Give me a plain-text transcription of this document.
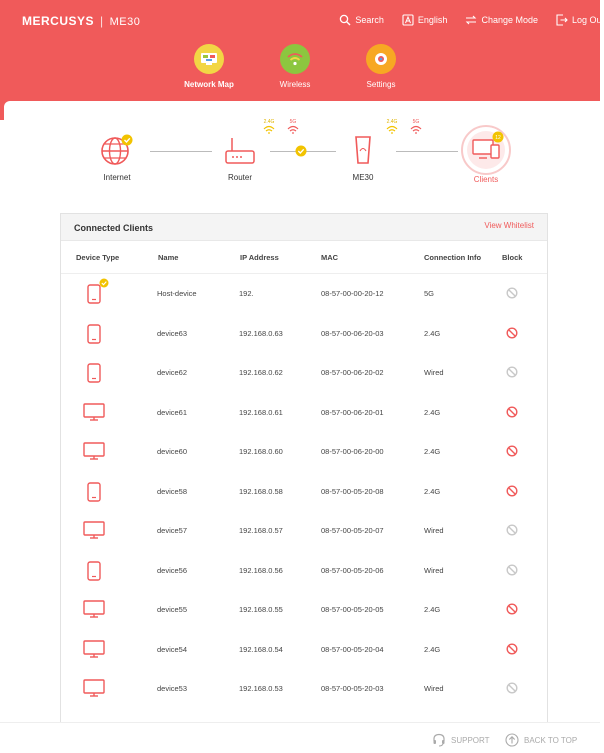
MERCUSYS | ME30	Search	English	Change Mode	Log Out
Network Map	Wireless	Settings
Internet	Router
2.4G	5G
ME30
2.4G	5G
12
Clients
Connected Clients	View Whitelist
Device Type	Name	IP Address	MAC	Connection Info	Block
Host-device	192.	08-57-00-00-20-12	5G
device63	192.168.0.63	08-57-00-06-20-03	2.4G
device62	192.168.0.62	08-57-00-06-20-02	Wired
device61	192.168.0.61	08-57-00-06-20-01	2.4G
device60	192.168.0.60	08-57-00-06-20-00	2.4G
device58	192.168.0.58	08-57-00-05-20-08	2.4G
device57	192.168.0.57	08-57-00-05-20-07	Wired
device56	192.168.0.56	08-57-00-05-20-06	Wired
device55	192.168.0.55	08-57-00-05-20-05	2.4G
device54	192.168.0.54	08-57-00-05-20-04	2.4G
device53	192.168.0.53	08-57-00-05-20-03	Wired
SUPPORT	BACK TO TOP
